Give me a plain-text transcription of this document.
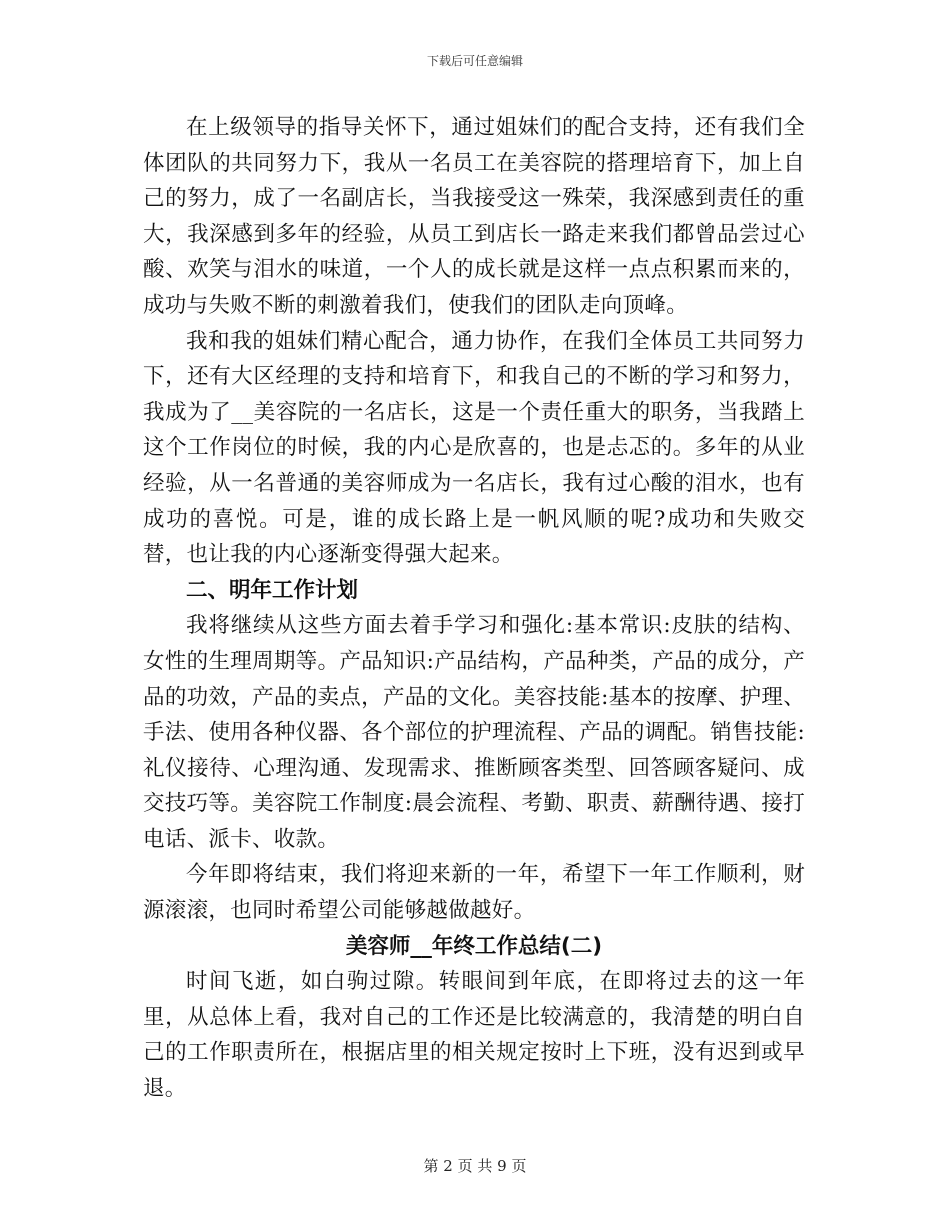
下载后可任意编辑

在上级领导的指导关怀下，通过姐妹们的配合支持，还有我们全体团队的共同努力下，我从一名员工在美容院的搭理培育下，加上自己的努力，成了一名副店长，当我接受这一殊荣，我深感到责任的重大，我深感到多年的经验，从员工到店长一路走来我们都曾品尝过心酸、欢笑与泪水的味道，一个人的成长就是这样一点点积累而来的，成功与失败不断的刺激着我们，使我们的团队走向顶峰。

我和我的姐妹们精心配合，通力协作，在我们全体员工共同努力下，还有大区经理的支持和培育下，和我自己的不断的学习和努力，我成为了__美容院的一名店长，这是一个责任重大的职务，当我踏上这个工作岗位的时候，我的内心是欣喜的，也是忐忑的。多年的从业经验，从一名普通的美容师成为一名店长，我有过心酸的泪水，也有成功的喜悦。可是，谁的成长路上是一帆风顺的呢?成功和失败交替，也让我的内心逐渐变得强大起来。

二、明年工作计划

我将继续从这些方面去着手学习和强化:基本常识:皮肤的结构、女性的生理周期等。产品知识:产品结构，产品种类，产品的成分，产品的功效，产品的卖点，产品的文化。美容技能:基本的按摩、护理、手法、使用各种仪器、各个部位的护理流程、产品的调配。销售技能:礼仪接待、心理沟通、发现需求、推断顾客类型、回答顾客疑问、成交技巧等。美容院工作制度:晨会流程、考勤、职责、薪酬待遇、接打电话、派卡、收款。

今年即将结束，我们将迎来新的一年，希望下一年工作顺利，财源滚滚，也同时希望公司能够越做越好。

美容师__年终工作总结(二)

时间飞逝，如白驹过隙。转眼间到年底，在即将过去的这一年里，从总体上看，我对自己的工作还是比较满意的，我清楚的明白自己的工作职责所在，根据店里的相关规定按时上下班，没有迟到或早退。

第 2 页 共 9 页
